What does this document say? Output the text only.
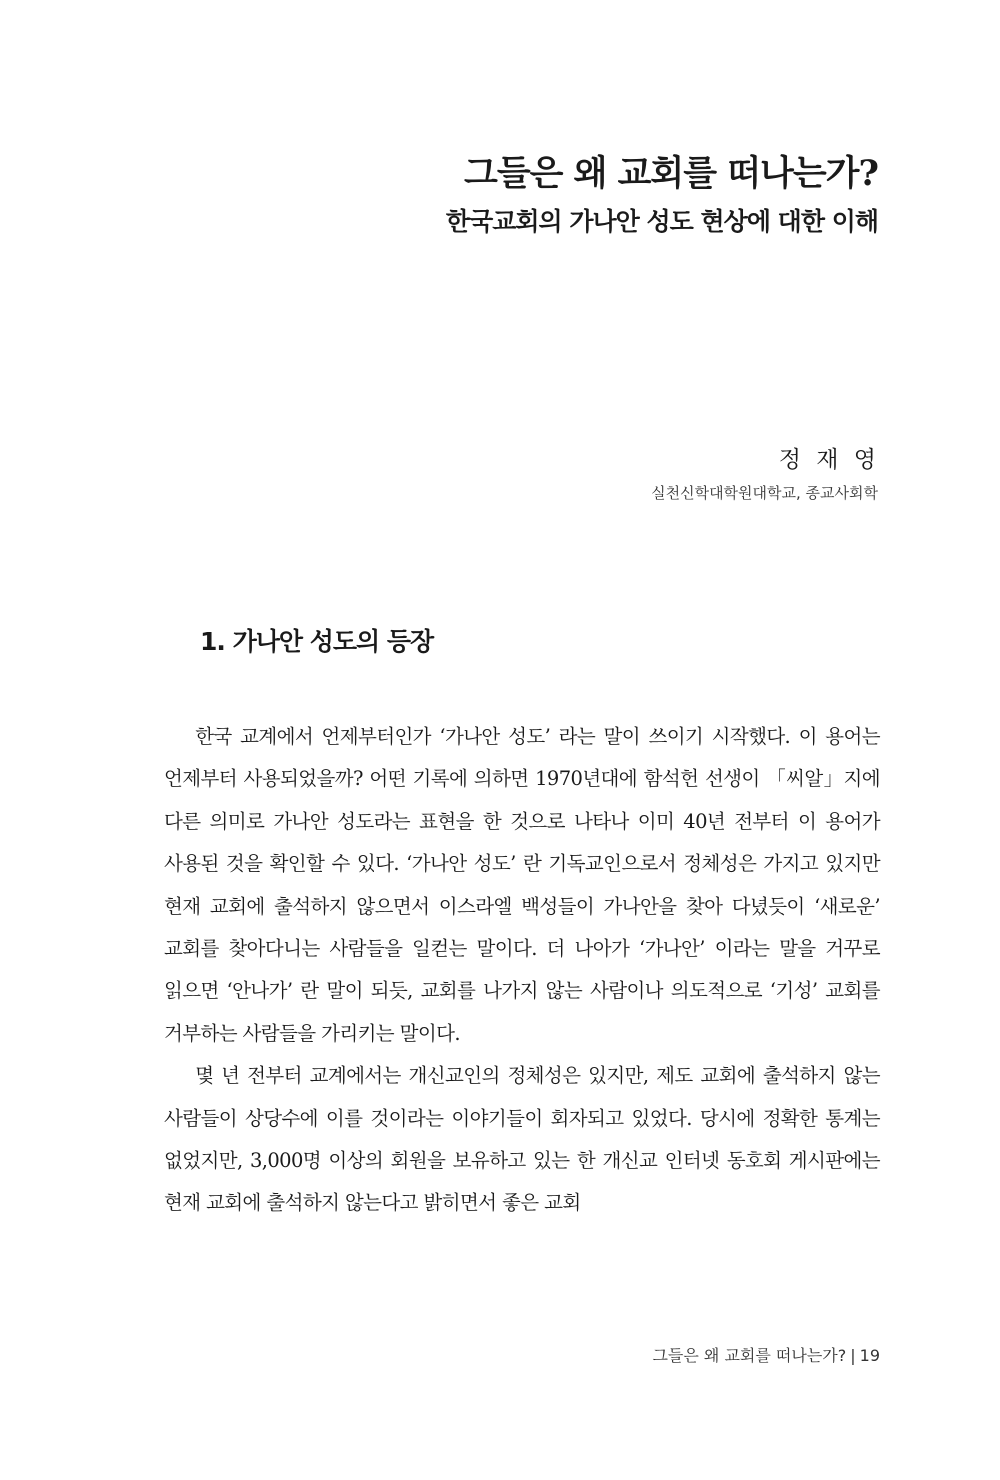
그들은 왜 교회를 떠나는가?
한국교회의 가나안 성도 현상에 대한 이해
정 재 영
실천신학대학원대학교, 종교사회학
1. 가나안 성도의 등장

한국 교계에서 언제부터인가 ‘가나안 성도’ 라는 말이 쓰이기 시작했다. 이 용어는 언제부터 사용되었을까? 어떤 기록에 의하면 1970년대에 함석헌 선생이 「씨알」지에 다른 의미로 가나안 성도라는 표현을 한 것으로 나타나 이미 40년 전부터 이 용어가 사용된 것을 확인할 수 있다. ‘가나안 성도’ 란 기독교인으로서 정체성은 가지고 있지만 현재 교회에 출석하지 않으면서 이스라엘 백성들이 가나안을 찾아 다녔듯이 ‘새로운’ 교회를 찾아다니는 사람들을 일컫는 말이다. 더 나아가 ‘가나안’ 이라는 말을 거꾸로 읽으면 ‘안나가’ 란 말이 되듯, 교회를 나가지 않는 사람이나 의도적으로 ‘기성’ 교회를 거부하는 사람들을 가리키는 말이다.

몇 년 전부터 교계에서는 개신교인의 정체성은 있지만, 제도 교회에 출석하지 않는 사람들이 상당수에 이를 것이라는 이야기들이 회자되고 있었다. 당시에 정확한 통계는 없었지만, 3,000명 이상의 회원을 보유하고 있는 한 개신교 인터넷 동호회 게시판에는 현재 교회에 출석하지 않는다고 밝히면서 좋은 교회

그들은 왜 교회를 떠나는가? | 19
